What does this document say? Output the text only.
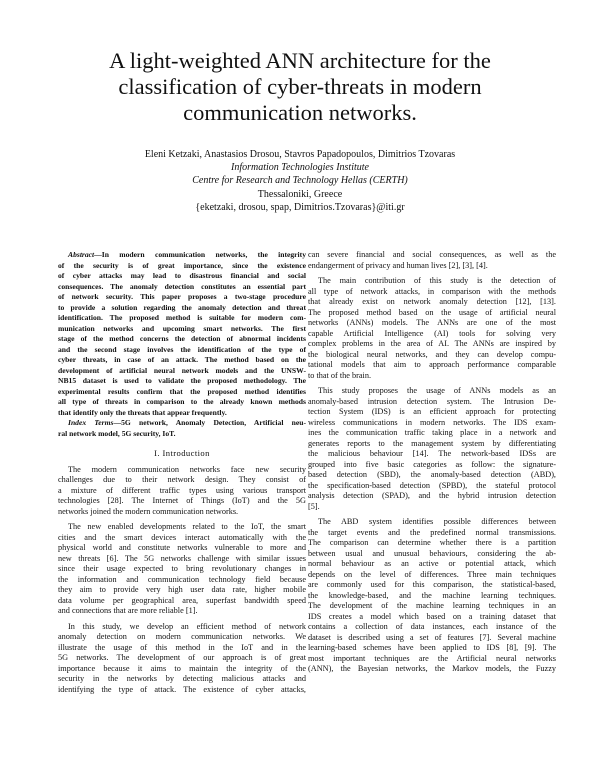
A light-weighted ANN architecture for the
classification of cyber-threats in modern
communication networks.
Eleni Ketzaki, Anastasios Drosou, Stavros Papadopoulos, Dimitrios Tzovaras
Information Technologies Institute
Centre for Research and Technology Hellas (CERTH)
Thessaloniki, Greece
{eketzaki, drosou, spap, Dimitrios.Tzovaras}@iti.gr
Abstract—In modern communication networks, the integrity
of the security is of great importance, since the existence
of cyber attacks may lead to disastrous financial and social
consequences. The anomaly detection constitutes an essential part
of network security. This paper proposes a two-stage procedure
to provide a solution regarding the anomaly detection and threat
identification. The proposed method is suitable for modern com-
munication networks and upcoming smart networks. The first
stage of the method concerns the detection of abnormal incidents
and the second stage involves the identification of the type of
cyber threats, in case of an attack. The method based on the
development of artificial neural network models and the UNSW-
NB15 dataset is used to validate the proposed methodology. The
experimental results confirm that the proposed method identifies
all type of threats in comparison to the already known methods
that identify only the threats that appear frequently.
Index Terms—5G network, Anomaly Detection, Artificial neu-
ral network model, 5G security, IoT.
I. Introduction
The modern communication networks face new security
challenges due to their network design. They consist of
a mixture of different traffic types using various transport
technologies [28]. The Internet of Things (IoT) and the 5G
networks joined the modern communication networks.
The new enabled developments related to the IoT, the smart
cities and the smart devices interact automatically with the
physical world and constitute networks vulnerable to more and
new threats [6]. The 5G networks challenge with similar issues
since their usage expected to bring revolutionary changes in
the information and communication technology field because
they aim to provide very high user data rate, higher mobile
data volume per geographical area, superfast bandwidth speed
and connections that are more reliable [1].
In this study, we develop an efficient method of network
anomaly detection on modern communication networks. We
illustrate the usage of this method in the IoT and in the
5G networks. The development of our approach is of great
importance because it aims to maintain the integrity of the
security in the networks by detecting malicious attacks and
identifying the type of attack. The existence of cyber attacks,
can severe financial and social consequences, as well as the
endangerment of privacy and human lives [2], [3], [4].
The main contribution of this study is the detection of
all type of network attacks, in comparison with the methods
that already exist on network anomaly detection [12], [13].
The proposed method based on the usage of artificial neural
networks (ANNs) models. The ANNs are one of the most
capable Artificial Intelligence (AI) tools for solving very
complex problems in the area of AI. The ANNs are inspired by
the biological neural networks, and they can develop compu-
tational models that aim to approach performance comparable
to that of the brain.
This study proposes the usage of ANNs models as an
anomaly-based intrusion detection system. The Intrusion De-
tection System (IDS) is an efficient approach for protecting
wireless communications in modern networks. The IDS exam-
ines the communication traffic taking place in a network and
generates reports to the management system by differentiating
the malicious behaviour [14]. The network-based IDSs are
grouped into five basic categories as follow: the signature-
based detection (SBD), the anomaly-based detection (ABD),
the specification-based detection (SPBD), the stateful protocol
analysis detection (SPAD), and the hybrid intrusion detection
[5].
The ABD system identifies possible differences between
the target events and the predefined normal transmissions.
The comparison can determine whether there is a partition
between usual and unusual behaviours, considering the ab-
normal behaviour as an active or potential attack, which
depends on the level of differences. Three main techniques
are commonly used for this comparison, the statistical-based,
the knowledge-based, and the machine learning techniques.
The development of the machine learning techniques in an
IDS creates a model which based on a training dataset that
contains a collection of data instances, each instance of the
dataset is described using a set of features [7]. Several machine
learning-based schemes have been applied to IDS [8], [9]. The
most important techniques are the Artificial neural networks
(ANN), the Bayesian networks, the Markov models, the Fuzzy
